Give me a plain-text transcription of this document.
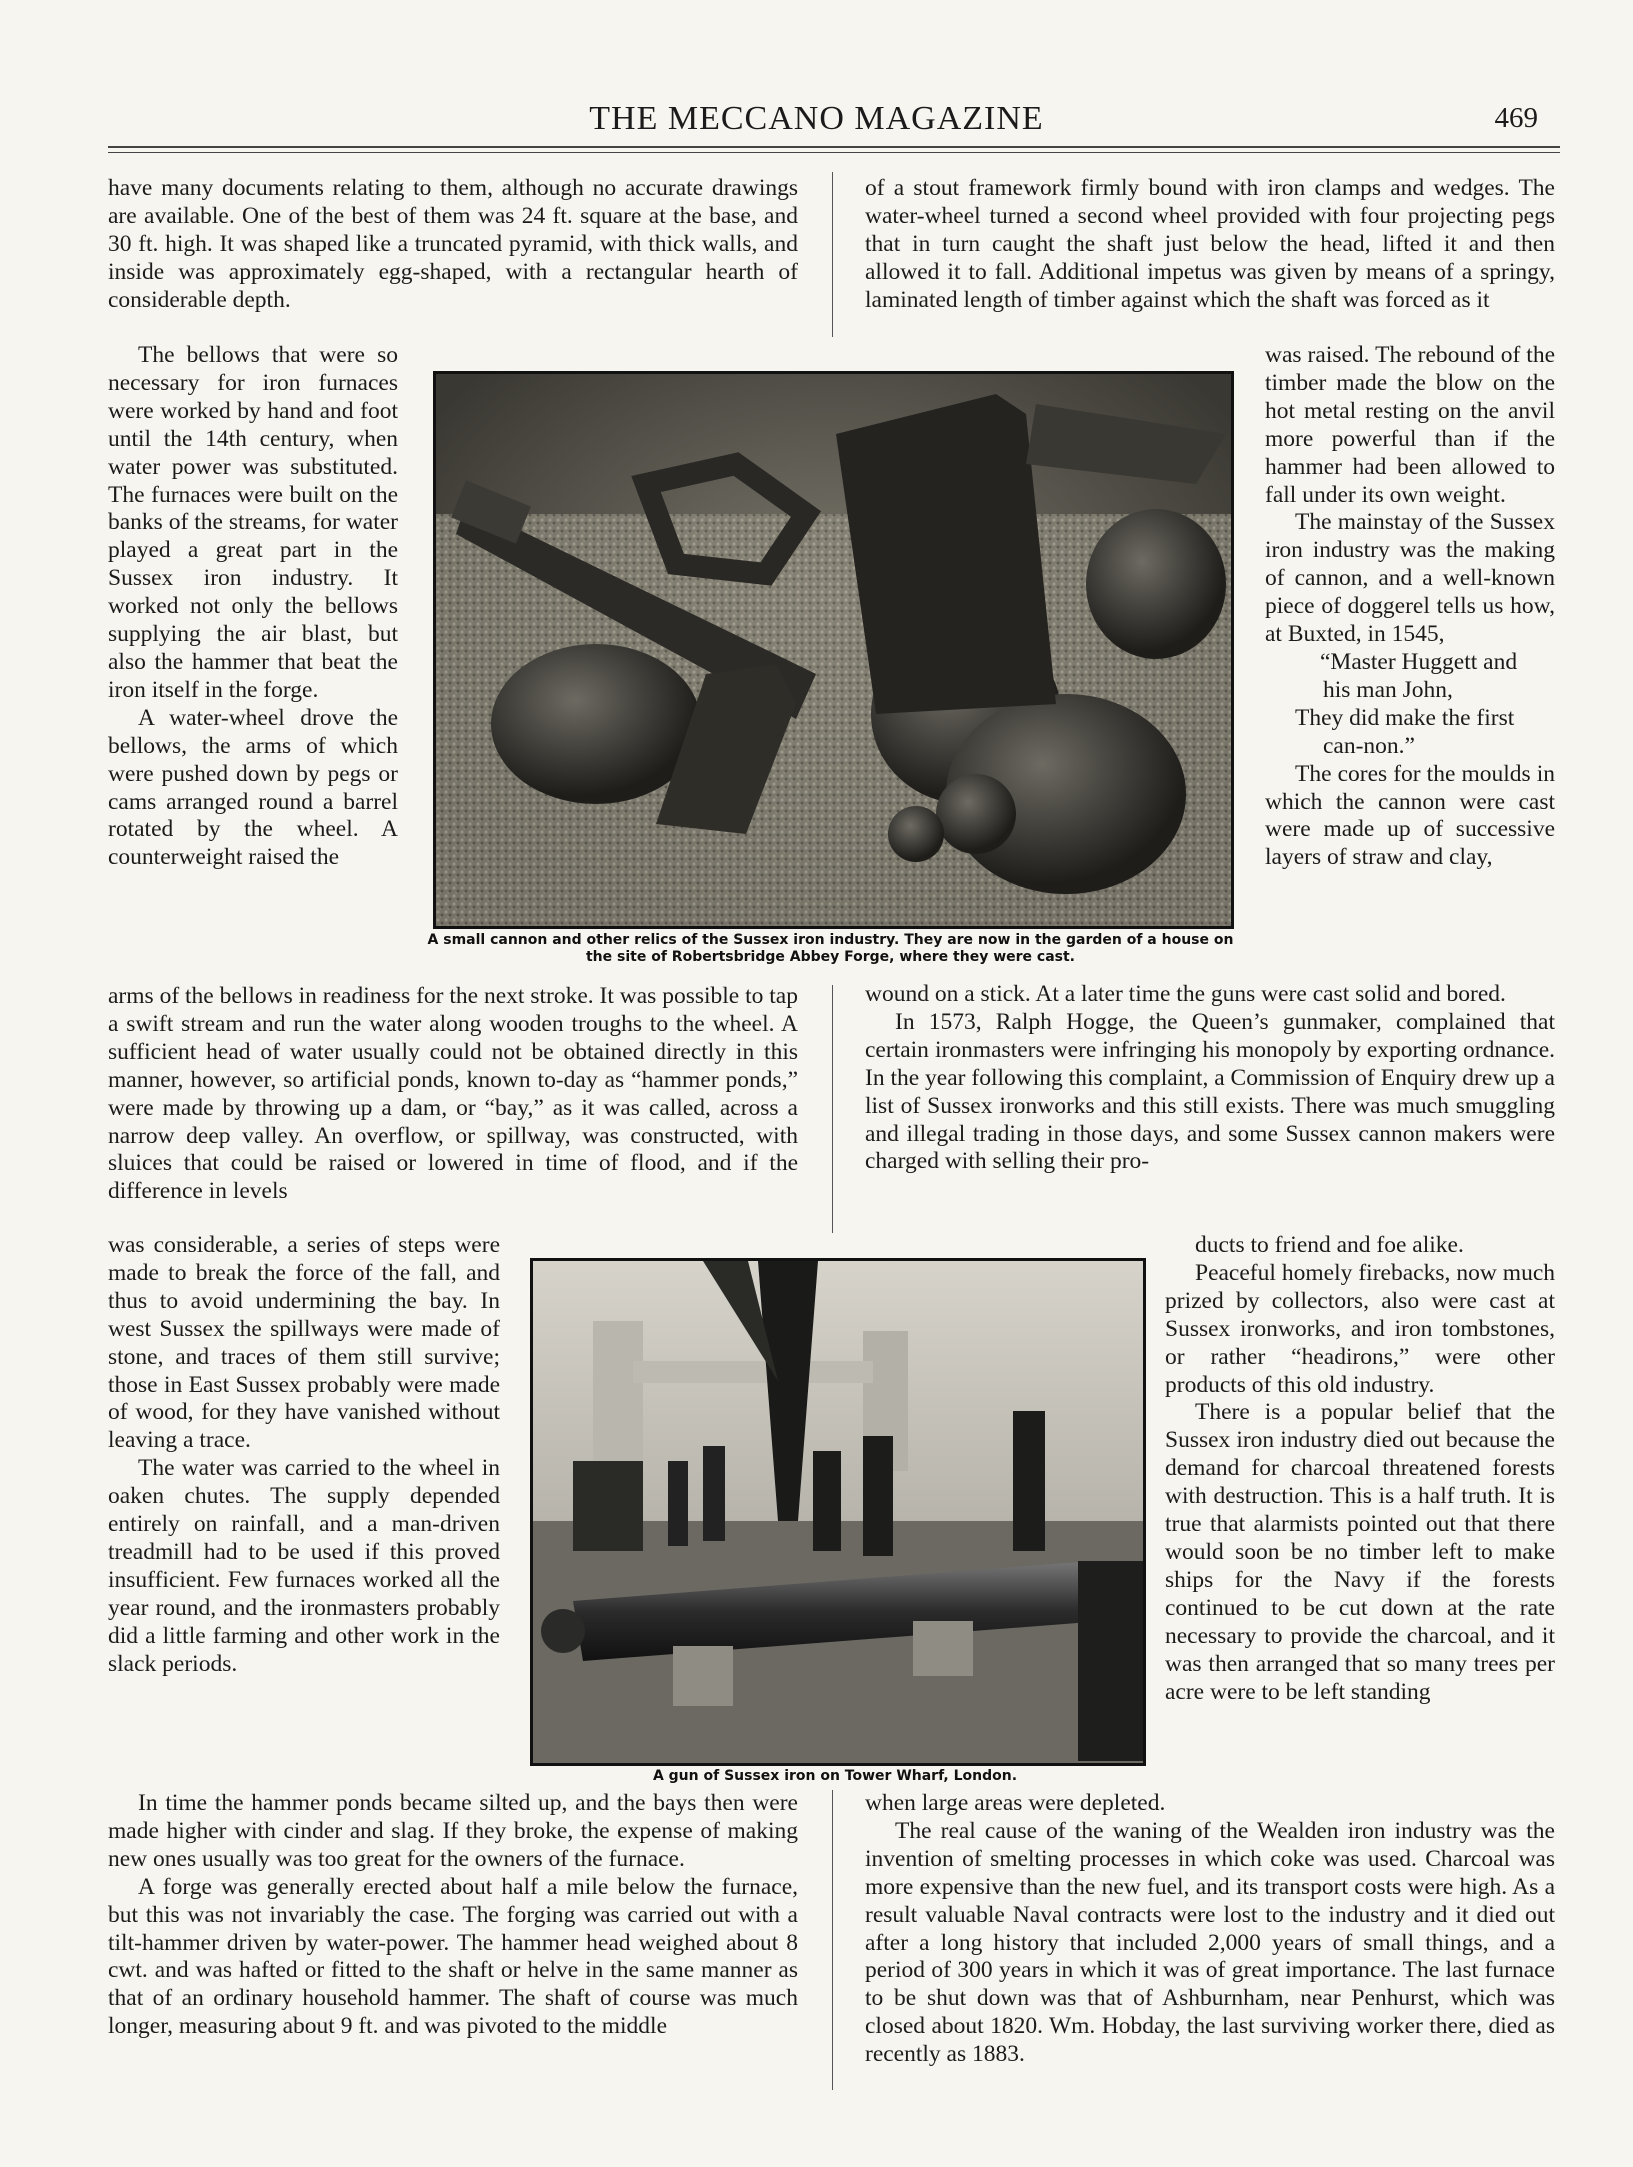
THE MECCANO MAGAZINE	469

have many documents relating to them, although no accurate drawings are available. One of the best of them was 24 ft. square at the base, and 30 ft. high. It was shaped like a truncated pyramid, with thick walls, and inside was approximately egg-shaped, with a rectangular hearth of considerable depth.

The bellows that were so necessary for iron furnaces were worked by hand and foot until the 14th century, when water power was substituted. The furnaces were built on the banks of the streams, for water played a great part in the Sussex iron industry. It worked not only the bellows supplying the air blast, but also the hammer that beat the iron itself in the forge.

A water-wheel drove the bellows, the arms of which were pushed down by pegs or cams arranged round a barrel rotated by the wheel. A counterweight raised the

arms of the bellows in readiness for the next stroke. It was possible to tap a swift stream and run the water along wooden troughs to the wheel. A sufficient head of water usually could not be obtained directly in this manner, however, so artificial ponds, known to-day as “hammer ponds,” were made by throwing up a dam, or “bay,” as it was called, across a narrow deep valley. An overflow, or spillway, was constructed, with sluices that could be raised or lowered in time of flood, and if the difference in levels

was considerable, a series of steps were made to break the force of the fall, and thus to avoid undermining the bay. In west Sussex the spillways were made of stone, and traces of them still survive; those in East Sussex probably were made of wood, for they have vanished without leaving a trace.

The water was carried to the wheel in oaken chutes. The supply depended entirely on rainfall, and a man-driven treadmill had to be used if this proved insufficient. Few furnaces worked all the year round, and the ironmasters probably did a little farming and other work in the slack periods.

In time the hammer ponds became silted up, and the bays then were made higher with cinder and slag. If they broke, the expense of making new ones usually was too great for the owners of the furnace.

A forge was generally erected about half a mile below the furnace, but this was not invariably the case. The forging was carried out with a tilt-hammer driven by water-power. The hammer head weighed about 8 cwt. and was hafted or fitted to the shaft or helve in the same manner as that of an ordinary household hammer. The shaft of course was much longer, measuring about 9 ft. and was pivoted to the middle

of a stout framework firmly bound with iron clamps and wedges. The water-wheel turned a second wheel provided with four projecting pegs that in turn caught the shaft just below the head, lifted it and then allowed it to fall. Additional impetus was given by means of a springy, laminated length of timber against which the shaft was forced as it

was raised. The rebound of the timber made the blow on the hot metal resting on the anvil more powerful than if the hammer had been allowed to fall under its own weight.

The mainstay of the Sussex iron industry was the making of cannon, and a well-known piece of doggerel tells us how, at Buxted, in 1545,

“Master Huggett and

his man John,

They did make the first

can-non.”

The cores for the moulds in which the cannon were cast were made up of successive layers of straw and clay,

wound on a stick. At a later time the guns were cast solid and bored.

In 1573, Ralph Hogge, the Queen’s gunmaker, complained that certain ironmasters were infringing his monopoly by exporting ordnance. In the year following this complaint, a Commission of Enquiry drew up a list of Sussex ironworks and this still exists. There was much smuggling and illegal trading in those days, and some Sussex cannon makers were charged with selling their pro-

ducts to friend and foe alike.

Peaceful homely firebacks, now much prized by collectors, also were cast at Sussex ironworks, and iron tombstones, or rather “headirons,” were other products of this old industry.

There is a popular belief that the Sussex iron industry died out because the demand for charcoal threatened forests with destruction. This is a half truth. It is true that alarmists pointed out that there would soon be no timber left to make ships for the Navy if the forests continued to be cut down at the rate necessary to provide the charcoal, and it was then arranged that so many trees per acre were to be left standing

when large areas were depleted.

The real cause of the waning of the Wealden iron industry was the invention of smelting processes in which coke was used. Charcoal was more expensive than the new fuel, and its transport costs were high. As a result valuable Naval contracts were lost to the industry and it died out after a long history that included 2,000 years of small things, and a period of 300 years in which it was of great importance. The last furnace to be shut down was that of Ashburnham, near Penhurst, which was closed about 1820. Wm. Hobday, the last surviving worker there, died as recently as 1883.

A small cannon and other relics of the Sussex iron industry. They are now in the garden of a house on the site of Robertsbridge Abbey Forge, where they were cast.
A gun of Sussex iron on Tower Wharf, London.
